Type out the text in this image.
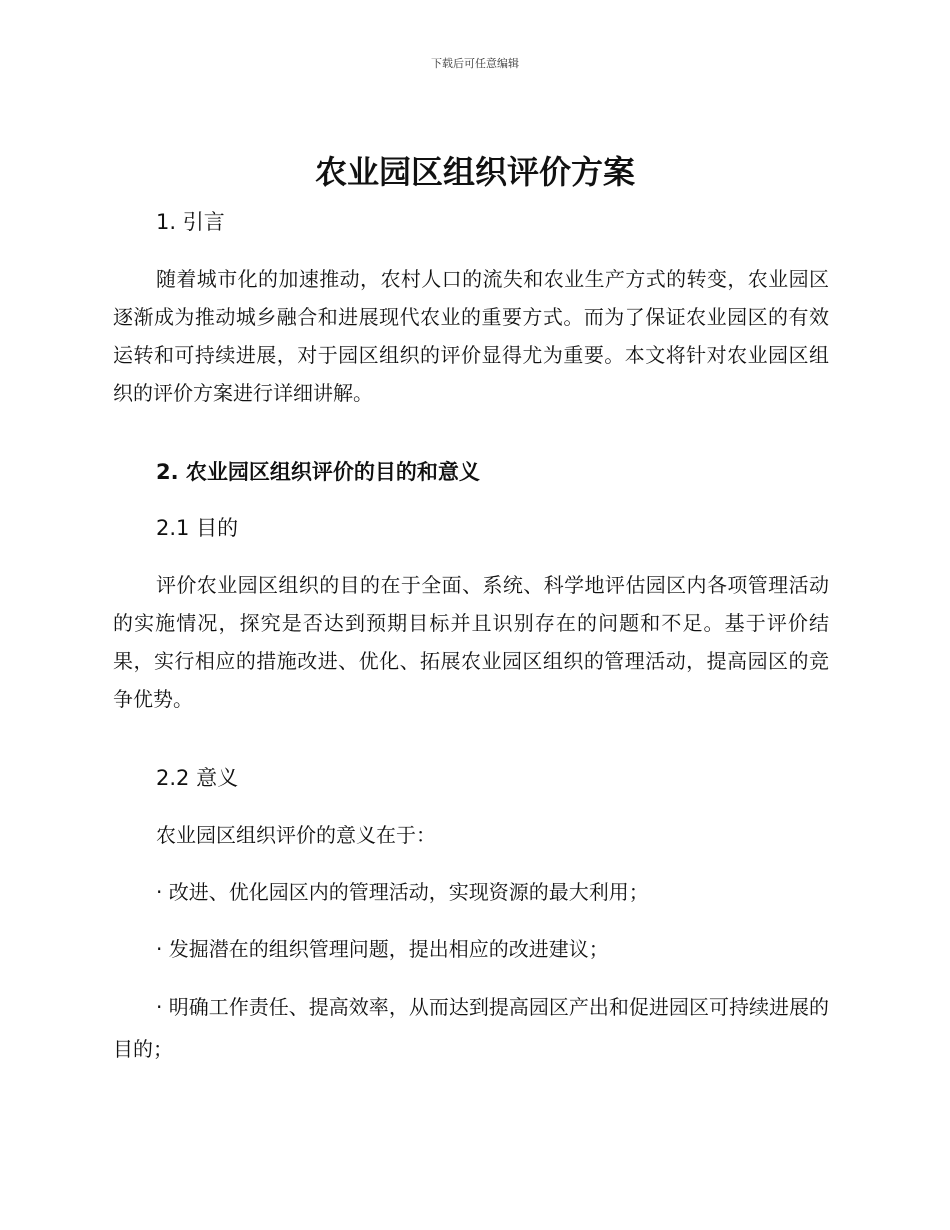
下载后可任意编辑
农业园区组织评价方案
1. 引言

随着城市化的加速推动，农村人口的流失和农业生产方式的转变，农业园区逐渐成为推动城乡融合和进展现代农业的重要方式。而为了保证农业园区的有效运转和可持续进展，对于园区组织的评价显得尤为重要。本文将针对农业园区组织的评价方案进行详细讲解。

2. 农业园区组织评价的目的和意义
2.1 目的

评价农业园区组织的目的在于全面、系统、科学地评估园区内各项管理活动的实施情况，探究是否达到预期目标并且识别存在的问题和不足。基于评价结果，实行相应的措施改进、优化、拓展农业园区组织的管理活动，提高园区的竞争优势。

2.2 意义

农业园区组织评价的意义在于：

· 改进、优化园区内的管理活动，实现资源的最大利用；

· 发掘潜在的组织管理问题，提出相应的改进建议；

· 明确工作责任、提高效率，从而达到提高园区产出和促进园区可持续进展的目的；
